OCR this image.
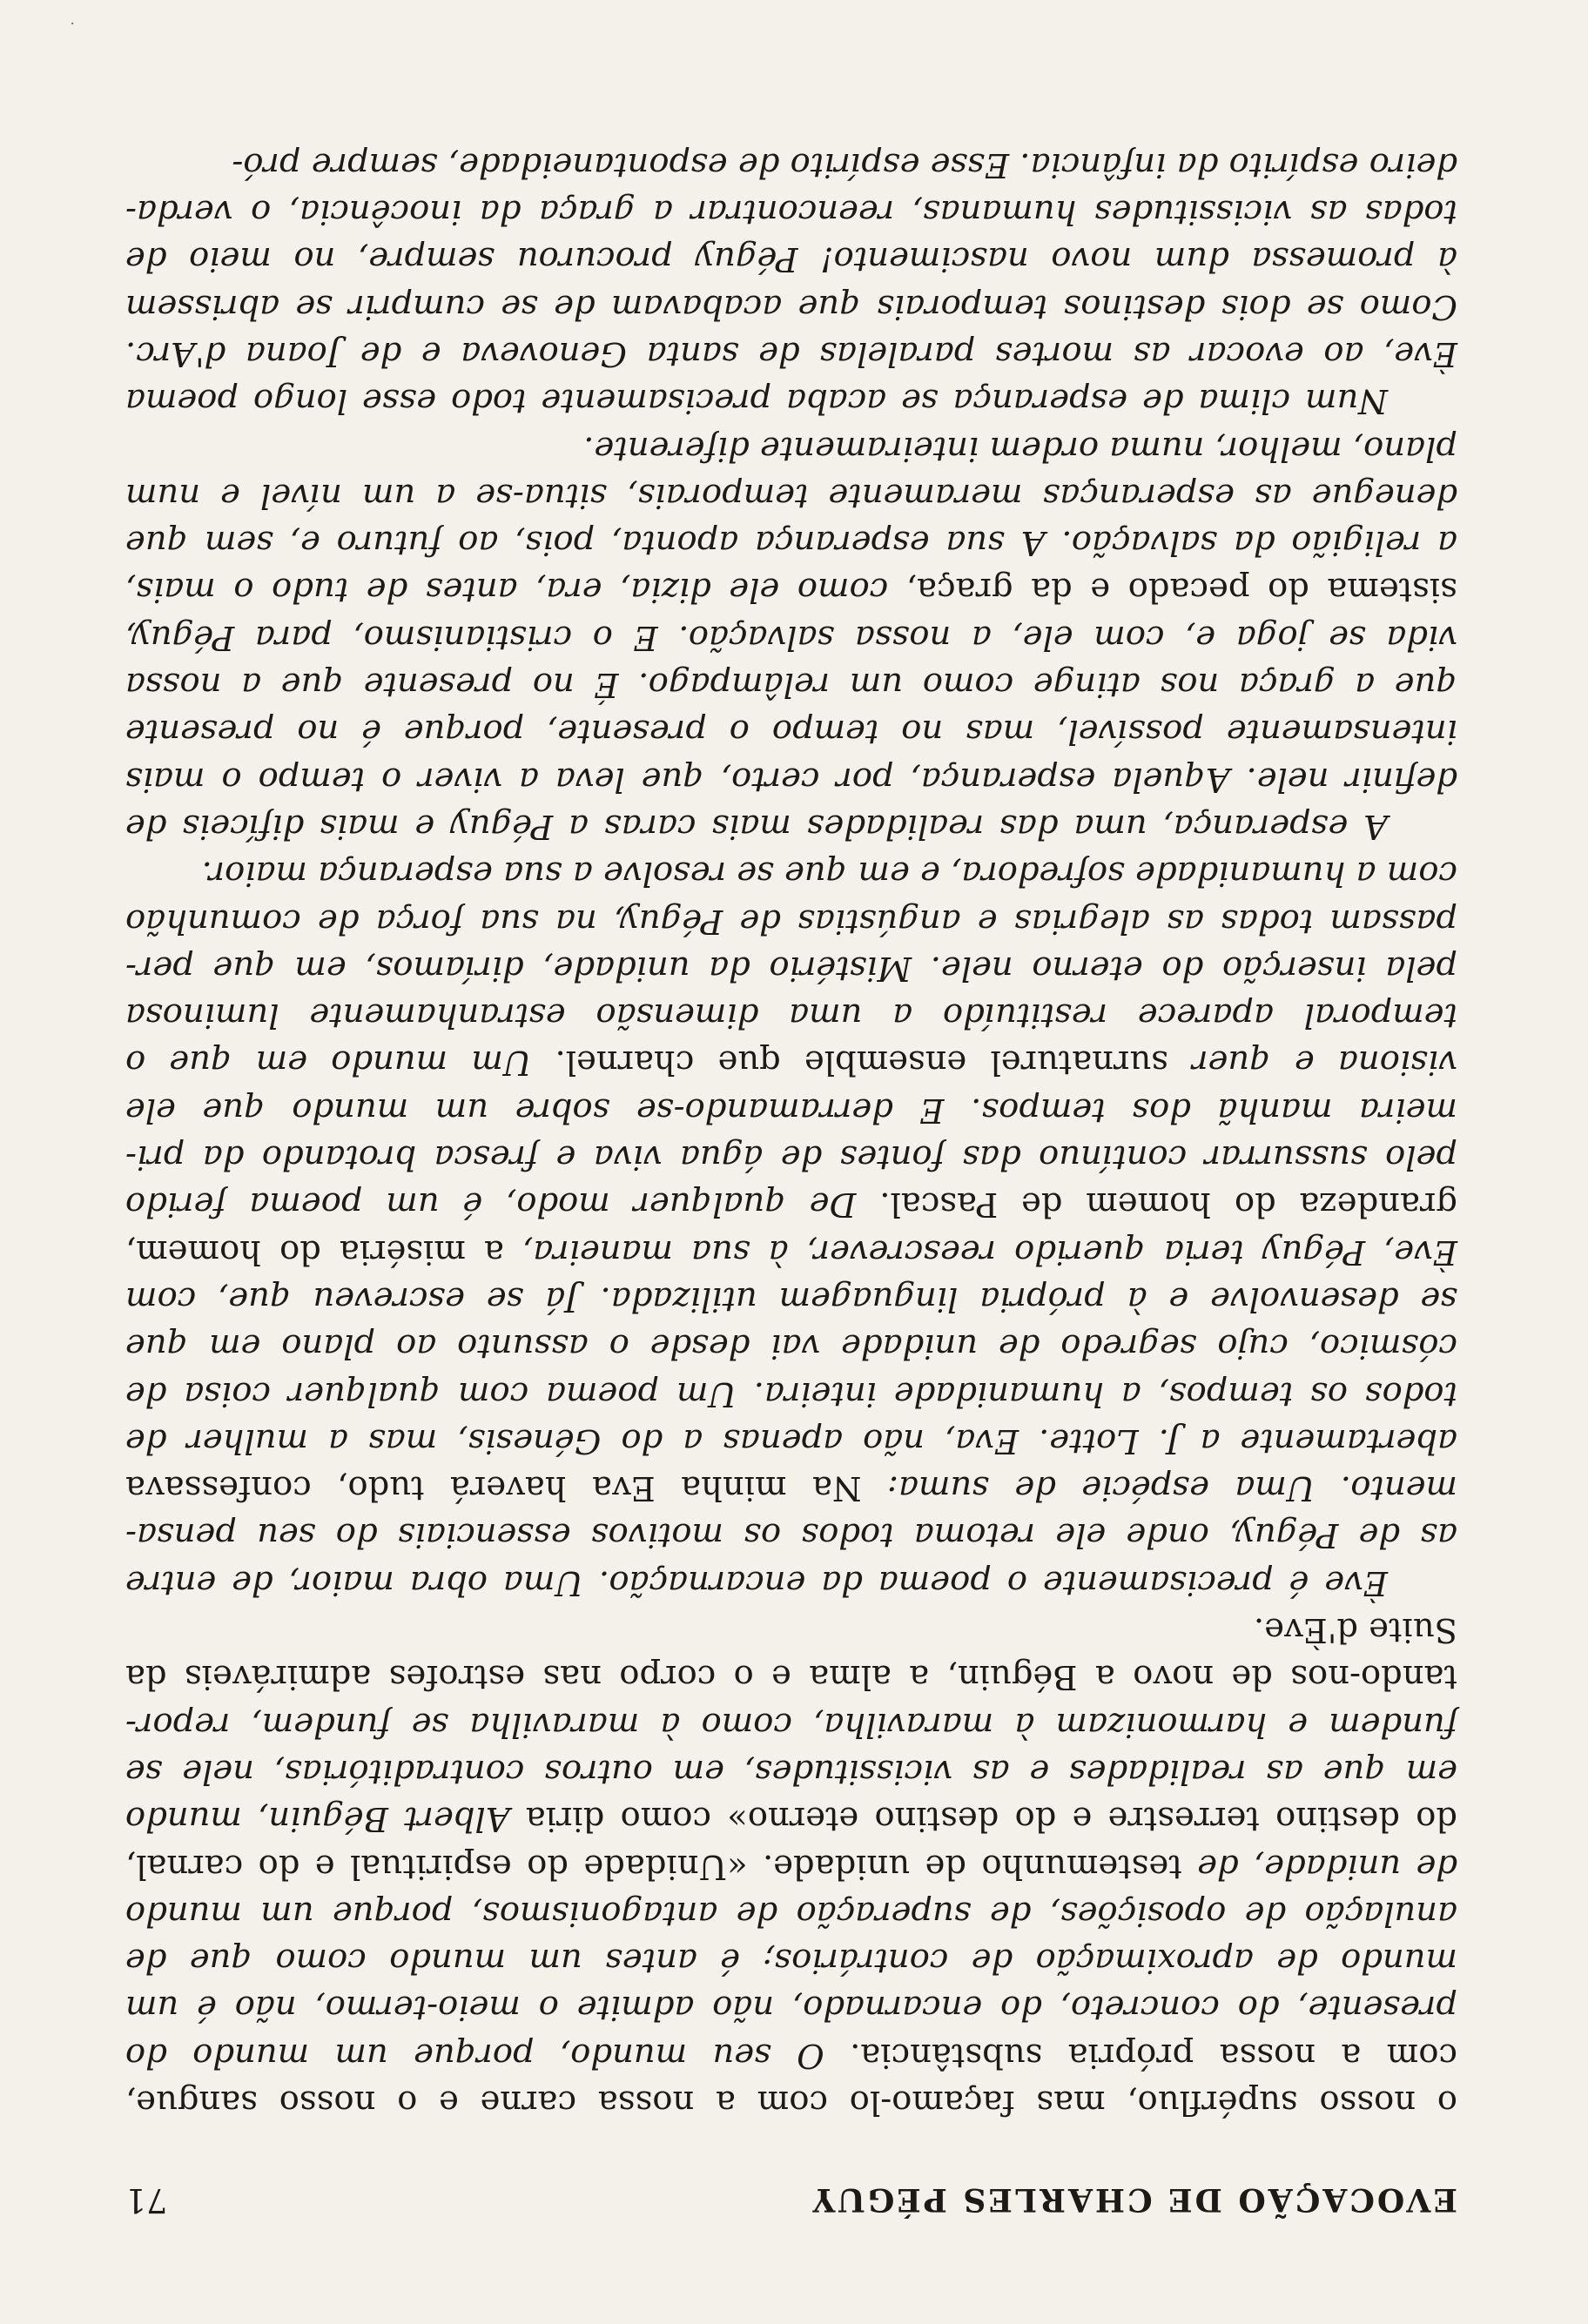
EVOCAÇÃO DE CHARLES PÉGUY
71

o nosso supérfluo, mas façamo-lo com a nossa carne e o nosso sangue,

com a nossa própria substância. O seu mundo, porque um mundo do

presente, do concreto, do encarnado, não admite o meio-termo, não é um

mundo de aproximação de contrários; é antes um mundo como que de

anulação de oposições, de superação de antagonismos, porque um mundo

de unidade, de testemunho de unidade. «Unidade do espiritual e do carnal,

do destino terrestre e do destino eterno» como diria Albert Béguin, mundo

em que as realidades e as vicissitudes, em outros contraditórias, nele se

fundem e harmonizam à maravilha, como à maravilha se fundem, repor-

tando-nos de novo a Béguin, a alma e o corpo nas estrofes admiráveis da

Suite d'Ève.

Ève é precisamente o poema da encarnação. Uma obra maior, de entre

as de Péguy, onde ele retoma todos os motivos essenciais do seu pensa-

mento. Uma espécie de suma: Na minha Eva haverá tudo, confessava

abertamente a J. Lotte. Eva, não apenas a do Génesis, mas a mulher de

todos os tempos, a humanidade inteira. Um poema com qualquer coisa de

cósmico, cujo segredo de unidade vai desde o assunto ao plano em que

se desenvolve e à própria linguagem utilizada. Já se escreveu que, com

Ève, Péguy teria querido reescrever, à sua maneira, a miséria do homem,

grandeza do homem de Pascal. De qualquer modo, é um poema ferido

pelo sussurrar contínuo das fontes de água viva e fresca brotando da pri-

meira manhã dos tempos. E derramando-se sobre um mundo que ele

visiona e quer surnaturel ensemble que charnel. Um mundo em que o

temporal aparece restituído a uma dimensão estranhamente luminosa

pela inserção do eterno nele. Mistério da unidade, diríamos, em que per-

passam todas as alegrias e angústias de Péguy, na sua força de comunhão

com a humanidade sofredora, e em que se resolve a sua esperança maior.

A esperança, uma das realidades mais caras a Péguy e mais difíceis de

definir nele. Aquela esperança, por certo, que leva a viver o tempo o mais

intensamente possível, mas no tempo o presente, porque é no presente

que a graça nos atinge como um relâmpago. É no presente que a nossa

vida se joga e, com ele, a nossa salvação. E o cristianismo, para Péguy,

sistema do pecado e da graça, como ele dizia, era, antes de tudo o mais,

a religião da salvação. A sua esperança aponta, pois, ao futuro e, sem que

denegue as esperanças meramente temporais, situa-se a um nível e num

plano, melhor, numa ordem inteiramente diferente.

Num clima de esperança se acaba precisamente todo esse longo poema

Ève, ao evocar as mortes paralelas de santa Genoveva e de Joana d'Arc.

Como se dois destinos temporais que acabavam de se cumprir se abrissem

à promessa dum novo nascimento! Péguy procurou sempre, no meio de

todas as vicissitudes humanas, reencontrar a graça da inocência, o verda-

deiro espírito da infância. Esse espírito de espontaneidade, sempre pró-

.
